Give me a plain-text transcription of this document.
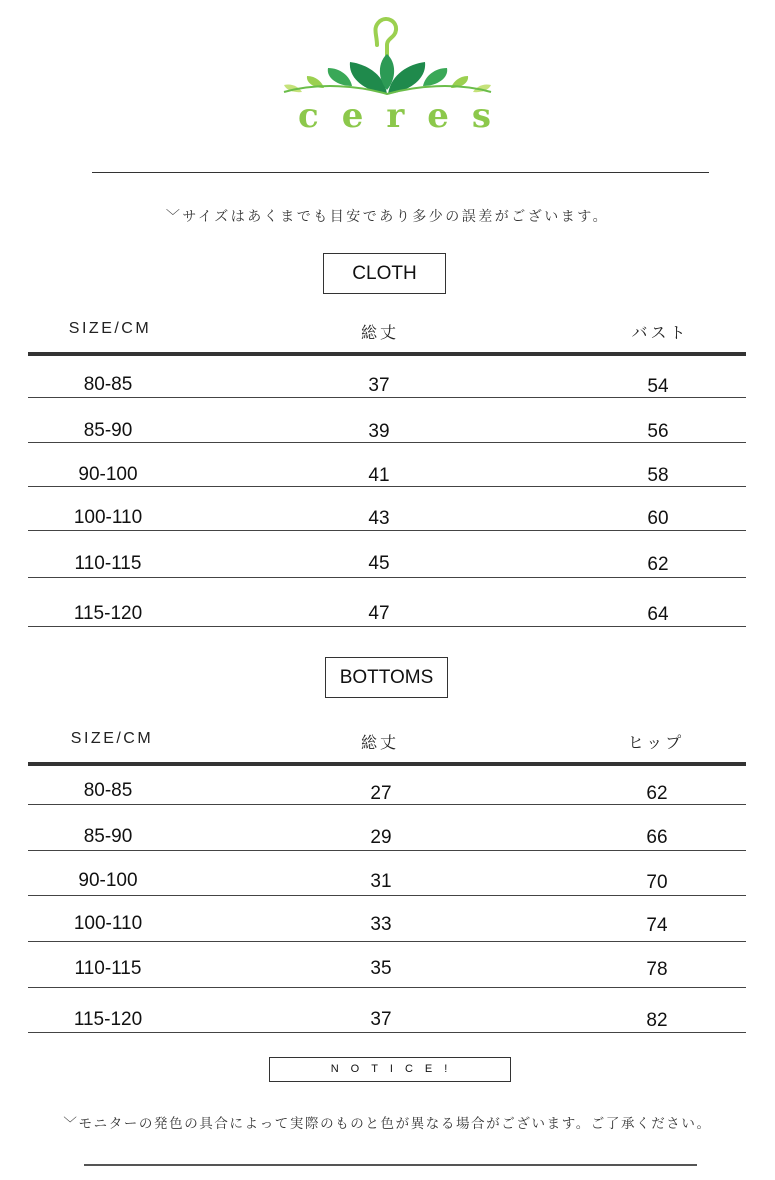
ceres
﹀サイズはあくまでも目安であり多少の誤差がございます。
CLOTH
SIZE/CM	総丈	バスト
80-85	37	54
85-90	39	56
90-100	41	58
100-110	43	60
110-115	45	62
115-120	47	64
BOTTOMS
SIZE/CM	総丈	ヒップ
80-85	27	62
85-90	29	66
90-100	31	70
100-110	33	74
110-115	35	78
115-120	37	82
NOTICE!
﹀モニターの発色の具合によって実際のものと色が異なる場合がございます。ご了承ください。
